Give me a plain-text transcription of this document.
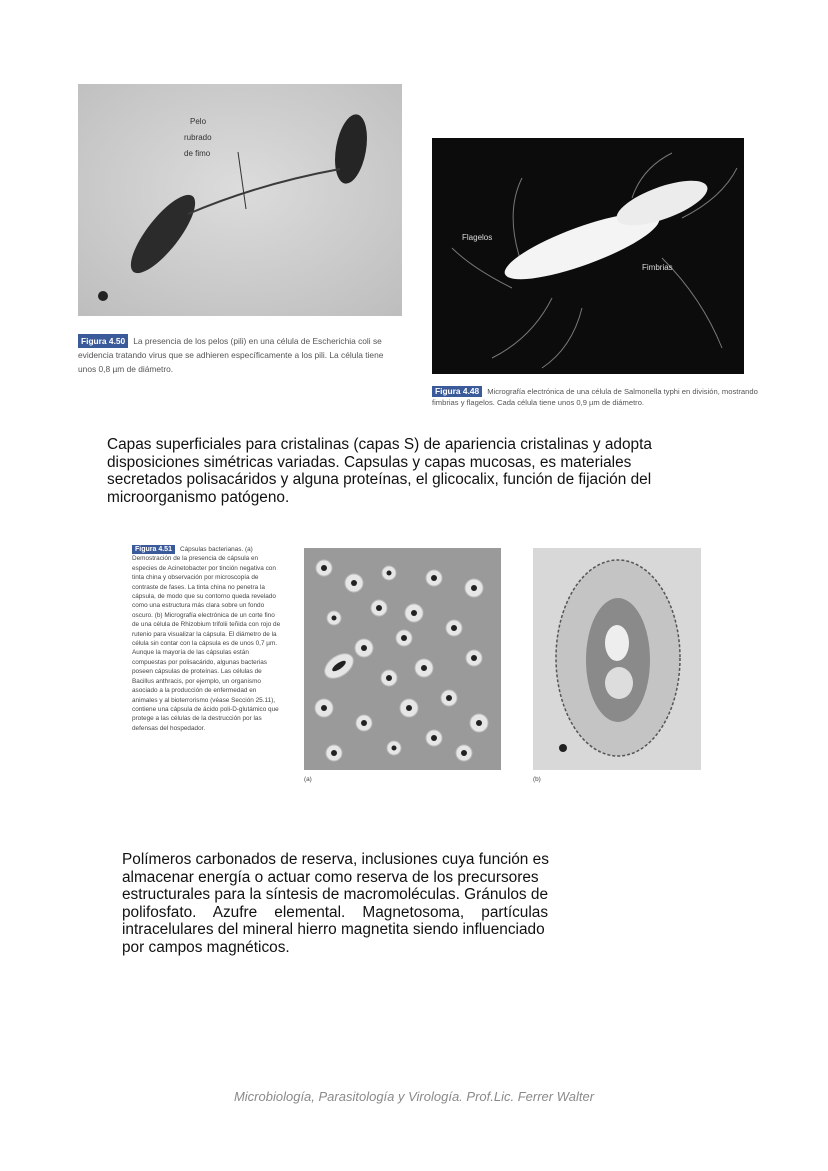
Pelo
rubrado
de fimo
Figura 4.50 La presencia de los pelos (pili) en una célula de Escherichia coli se evidencia tratando virus que se adhieren específicamente a los pili. La célula tiene unos 0,8 µm de diámetro.
Flagelos
Fimbrias
Figura 4.48 Micrografía electrónica de una célula de Salmonella typhi en división, mostrando fimbrias y flagelos. Cada célula tiene unos 0,9 µm de diámetro.
Capas superficiales para cristalinas (capas S) de apariencia cristalinas y adopta
disposiciones simétricas variadas. Capsulas y capas mucosas, es materiales
secretados polisacáridos y alguna proteínas, el glicocalix, función de fijación del
microorganismo patógeno.
Figura 4.51 Cápsulas bacterianas. (a) Demostración de la presencia de cápsula en especies de Acinetobacter por tinción negativa con tinta china y observación por microscopía de contraste de fases. La tinta china no penetra la cápsula, de modo que su contorno queda revelado como una estructura más clara sobre un fondo oscuro. (b) Micrografía electrónica de un corte fino de una célula de Rhizobium trifolii teñida con rojo de rutenio para visualizar la cápsula. El diámetro de la célula sin contar con la cápsula es de unos 0,7 µm. Aunque la mayoría de las cápsulas están compuestas por polisacárido, algunas bacterias poseen cápsulas de proteínas. Las células de Bacillus anthracis, por ejemplo, un organismo asociado a la producción de enfermedad en animales y al bioterrorismo (véase Sección 25.11), contiene una cápsula de ácido poli-D-glutámico que protege a las células de la destrucción por las defensas del hospedador.
(a)	(b)
Polímeros carbonados de reserva, inclusiones cuya función es
almacenar energía o actuar como reserva de los precursores
estructurales para la síntesis de macromoléculas. Gránulos de
polifosfato.    Azufre    elemental.    Magnetosoma,    partículas
intracelulares del mineral hierro magnetita siendo influenciado
por campos magnéticos.
Microbiología, Parasitología y Virología. Prof.Lic. Ferrer Walter
